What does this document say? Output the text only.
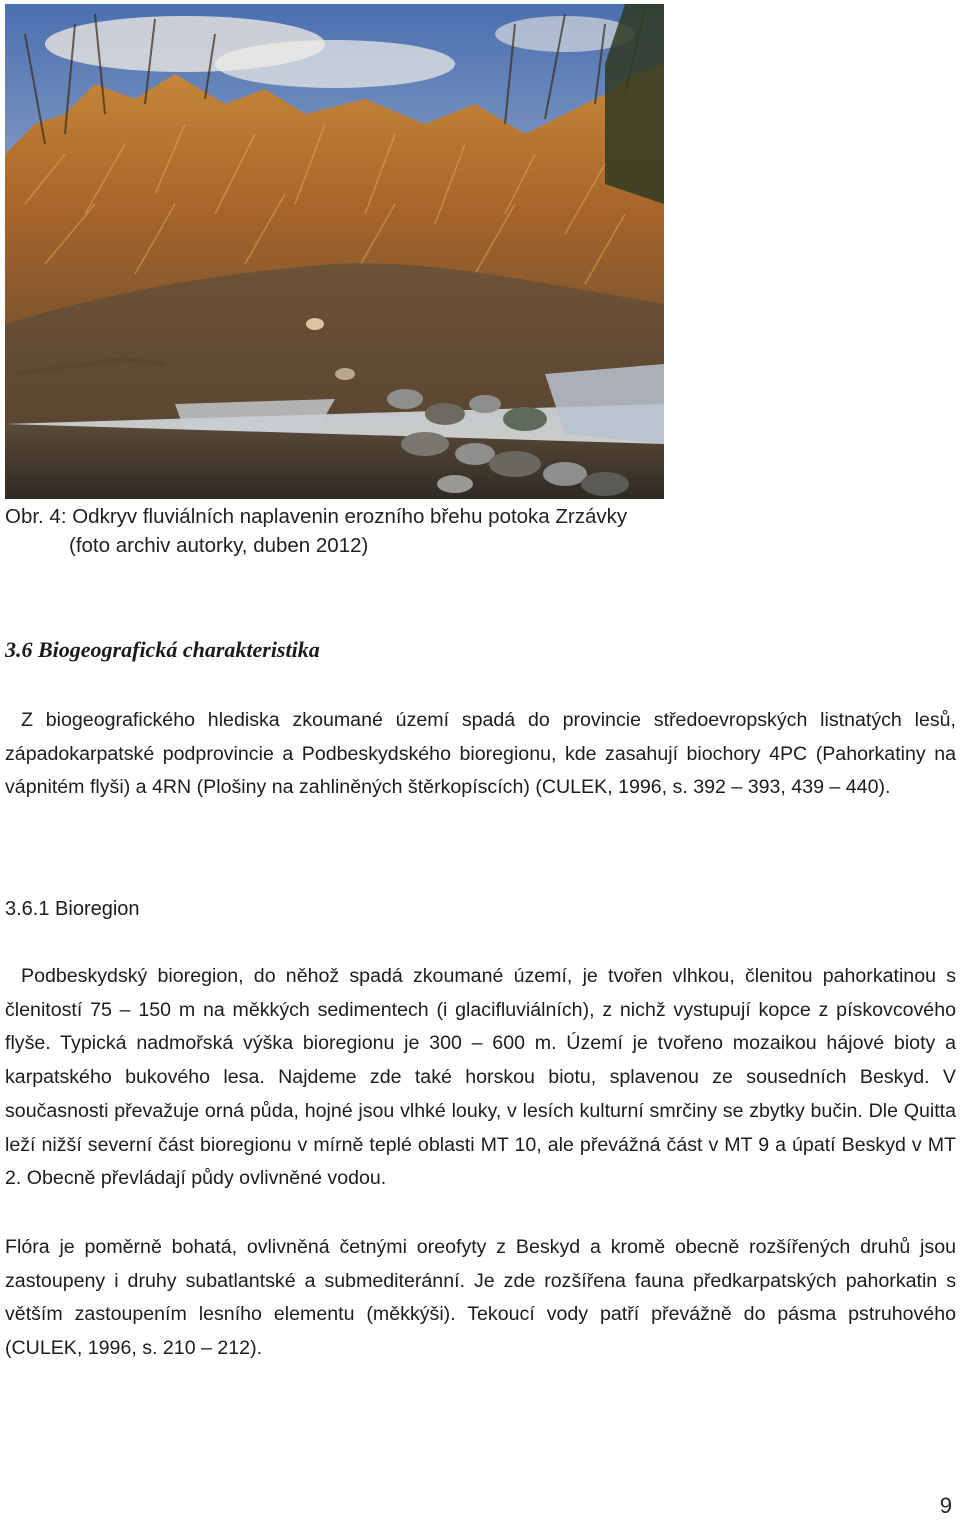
Obr. 4: Odkryv fluviálních naplavenin erozního břehu potoka Zrzávky
(foto archiv autorky, duben 2012)
3.6 Biogeografická charakteristika
Z biogeografického hlediska zkoumané území spadá do provincie středoevropských listnatých lesů, západokarpatské podprovincie a Podbeskydského bioregionu, kde zasahují biochory 4PC (Pahorkatiny na vápnitém flyši) a 4RN (Plošiny na zahliněných štěrkopíscích) (CULEK, 1996, s. 392 – 393, 439 – 440).
3.6.1 Bioregion
Podbeskydský bioregion, do něhož spadá zkoumané území, je tvořen vlhkou, členitou pahorkatinou s členitostí 75 – 150 m na měkkých sedimentech (i glacifluviálních), z nichž vystupují kopce z pískovcového flyše. Typická nadmořská výška bioregionu je 300 – 600 m. Území je tvořeno mozaikou hájové bioty a karpatského bukového lesa. Najdeme zde také horskou biotu, splavenou ze sousedních Beskyd. V současnosti převažuje orná půda, hojné jsou vlhké louky, v lesích kulturní smrčiny se zbytky bučin. Dle Quitta leží nižší severní část bioregionu v mírně teplé oblasti MT 10, ale převážná část v MT 9 a úpatí Beskyd v MT 2. Obecně převládají půdy ovlivněné vodou.
Flóra je poměrně bohatá, ovlivněná četnými oreofyty z Beskyd a kromě obecně rozšířených druhů jsou zastoupeny i druhy subatlantské a submediteránní. Je zde rozšířena fauna předkarpatských pahorkatin s větším zastoupením lesního elementu (měkkýši). Tekoucí vody patří převážně do pásma pstruhového (CULEK, 1996, s. 210 – 212).
9
